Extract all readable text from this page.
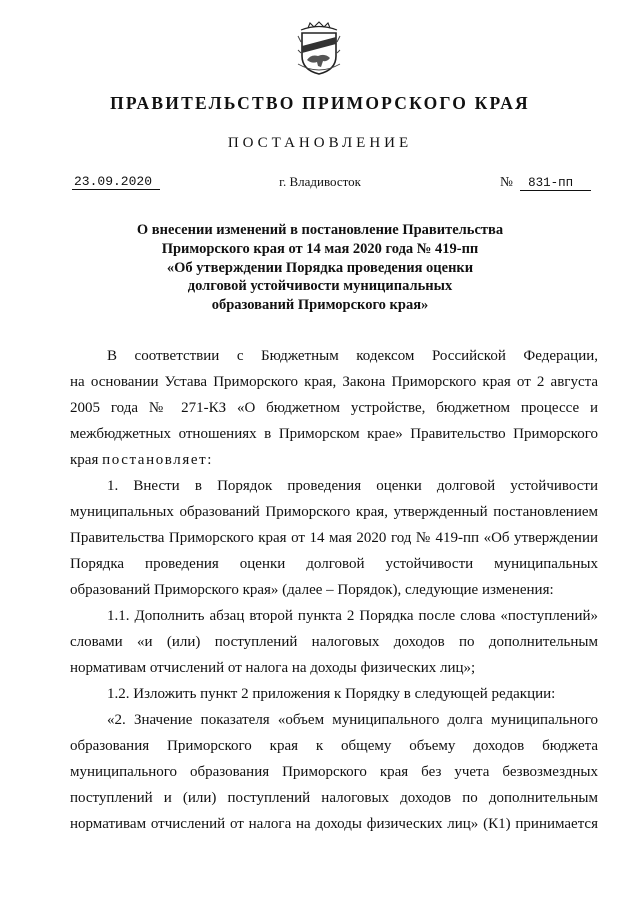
ПРАВИТЕЛЬСТВО ПРИМОРСКОГО КРАЯ
ПОСТАНОВЛЕНИЕ
23.09.2020	г. Владивосток	№ 831-пп
О внесении изменений в постановление Правительства
Приморского края от 14 мая 2020 года № 419-пп
«Об утверждении Порядка проведения оценки
долговой устойчивости муниципальных
образований Приморского края»
В соответствии с Бюджетным кодексом Российской Федерации,
на основании Устава Приморского края, Закона Приморского края от 2 августа
2005 года № 271-КЗ «О бюджетном устройстве, бюджетном процессе и
межбюджетных отношениях в Приморском крае» Правительство Приморского
края постановляет:
1. Внести в Порядок проведения оценки долговой устойчивости
муниципальных образований Приморского края, утвержденный постановлением
Правительства Приморского края от 14 мая 2020 год № 419-пп «Об утверждении
Порядка проведения оценки долговой устойчивости муниципальных
образований Приморского края» (далее – Порядок), следующие изменения:
1.1. Дополнить абзац второй пункта 2 Порядка после слова «поступлений»
словами «и (или) поступлений налоговых доходов по дополнительным
нормативам отчислений от налога на доходы физических лиц»;
1.2. Изложить пункт 2 приложения к Порядку в следующей редакции:
«2. Значение показателя «объем муниципального долга муниципального
образования Приморского края к общему объему доходов бюджета
муниципального образования Приморского края без учета безвозмездных
поступлений и (или) поступлений налоговых доходов по дополнительным
нормативам отчислений от налога на доходы физических лиц» (К1) принимается
